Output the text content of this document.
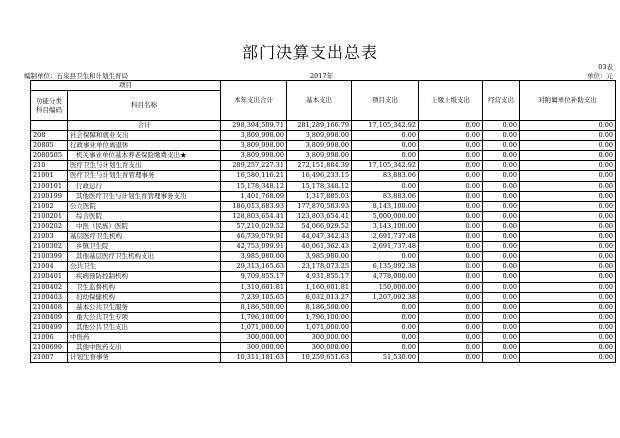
部门决算支出总表
03表
编制单位：石泉县卫生和计划生育局	2017年	单位：元
项目		本年支出合计	基本支出	项目支出	上缴上级支出	经营支出	对附属单位补助支出
功能分类
科目编码	科目名称						
	合计	298,394,509.71	281,289,166.79	17,105,342.92	0.00	0.00	0.00
208	社会保障和就业支出	3,809,998.00	3,809,998.00	0.00	0.00	0.00	0.00
20805	行政事业单位离退休	3,809,998.00	3,809,998.00	0.00	0.00	0.00	0.00
2080505	机关事业单位基本养老保险缴费支出★	3,809,998.00	3,809,998.00	0.00	0.00	0.00	0.00
210	医疗卫生与计划生育支出	289,257,227.31	272,151,884.39	17,105,342.92	0.00	0.00	0.00
21001	医疗卫生与计划生育管理事务	16,580,116.21	16,496,233.15	83,883.06	0.00	0.00	0.00
2100101	行政运行	15,178,348.12	15,178,348.12	0.00	0.00	0.00	0.00
2100199	其他医疗卫生与计划生育管理事务支出	1,401,768.09	1,317,885.03	83,883.06	0.00	0.00	0.00
21002	公立医院	186,013,683.93	177,870,583.93	8,143,100.00	0.00	0.00	0.00
2100201	综合医院	128,803,654.41	123,803,654.41	5,000,000.00	0.00	0.00	0.00
2100202	中医（民族）医院	57,210,029.52	54,066,929.52	3,143,100.00	0.00	0.00	0.00
21003	基层医疗卫生机构	46,739,079.91	44,047,342.43	2,691,737.48	0.00	0.00	0.00
2100302	乡镇卫生院	42,753,099.91	40,061,362.43	2,691,737.48	0.00	0.00	0.00
2100399	其他基层医疗卫生机构支出	3,985,980.00	3,985,980.00	0.00	0.00	0.00	0.00
21004	公共卫生	29,313,165.63	23,178,073.25	6,135,092.38	0.00	0.00	0.00
2100401	疾病预防控制机构	9,709,855.17	4,931,855.17	4,778,000.00	0.00	0.00	0.00
2100402	卫生监督机构	1,310,601.81	1,160,601.81	150,000.00	0.00	0.00	0.00
2100403	妇幼保健机构	7,239,105.65	6,032,013.27	1,207,092.38	0.00	0.00	0.00
2100408	基本公共卫生服务	8,186,500.00	8,186,500.00	0.00	0.00	0.00	0.00
2100409	重大公共卫生专项	1,796,100.00	1,796,100.00	0.00	0.00	0.00	0.00
2100499	其他公共卫生支出	1,071,000.00	1,071,000.00	0.00	0.00	0.00	0.00
21006	中医药	300,000.00	300,000.00	0.00	0.00	0.00	0.00
2100699	其他中医药支出	300,000.00	300,000.00	0.00	0.00	0.00	0.00
21007	计划生育事务	10,311,181.63	10,259,651.63	51,530.00	0.00	0.00	0.00
